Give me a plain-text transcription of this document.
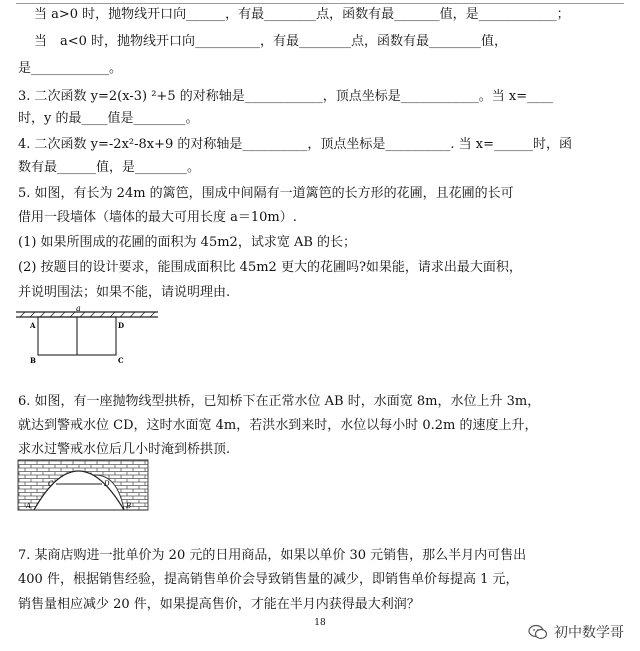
当 a>0 时，抛物线开口向______，有最________点，函数有最_______值，是____________；
当　a<0 时，抛物线开口向__________，有最________点，函数有最________值，
是____________。
3. 二次函数 y=2(x-3) ²+5 的对称轴是____________，顶点坐标是____________。当 x=____
时，y 的最____值是________。
4. 二次函数 y=-2x²-8x+9 的对称轴是__________，顶点坐标是__________. 当 x=______时，函
数有最______值，是________。
5. 如图，有长为 24m 的篱笆，围成中间隔有一道篱笆的长方形的花圃，且花圃的长可
借用一段墙体（墙体的最大可用长度 a＝10m）.
(1) 如果所围成的花圃的面积为 45m2，试求宽 AB 的长；
(2) 按题目的设计要求，能围成面积比 45m2 更大的花圃吗?如果能，请求出最大面积，
并说明围法；如果不能，请说明理由.
a
A	D
B	C
6. 如图，有一座抛物线型拱桥，已知桥下在正常水位 AB 时，水面宽 8m，水位上升 3m，
就达到警戒水位 CD，这时水面宽 4m，若洪水到来时，水位以每小时 0.2m 的速度上升，
求水过警戒水位后几小时淹到桥拱顶.
C	D
A	B
7. 某商店购进一批单价为 20 元的日用商品，如果以单价 30 元销售，那么半月内可售出
400 件，根据销售经验，提高销售单价会导致销售量的减少，即销售单价每提高 1 元，
销售量相应减少 20 件，如果提高售价，才能在半月内获得最大利润？
18
初中数学哥
